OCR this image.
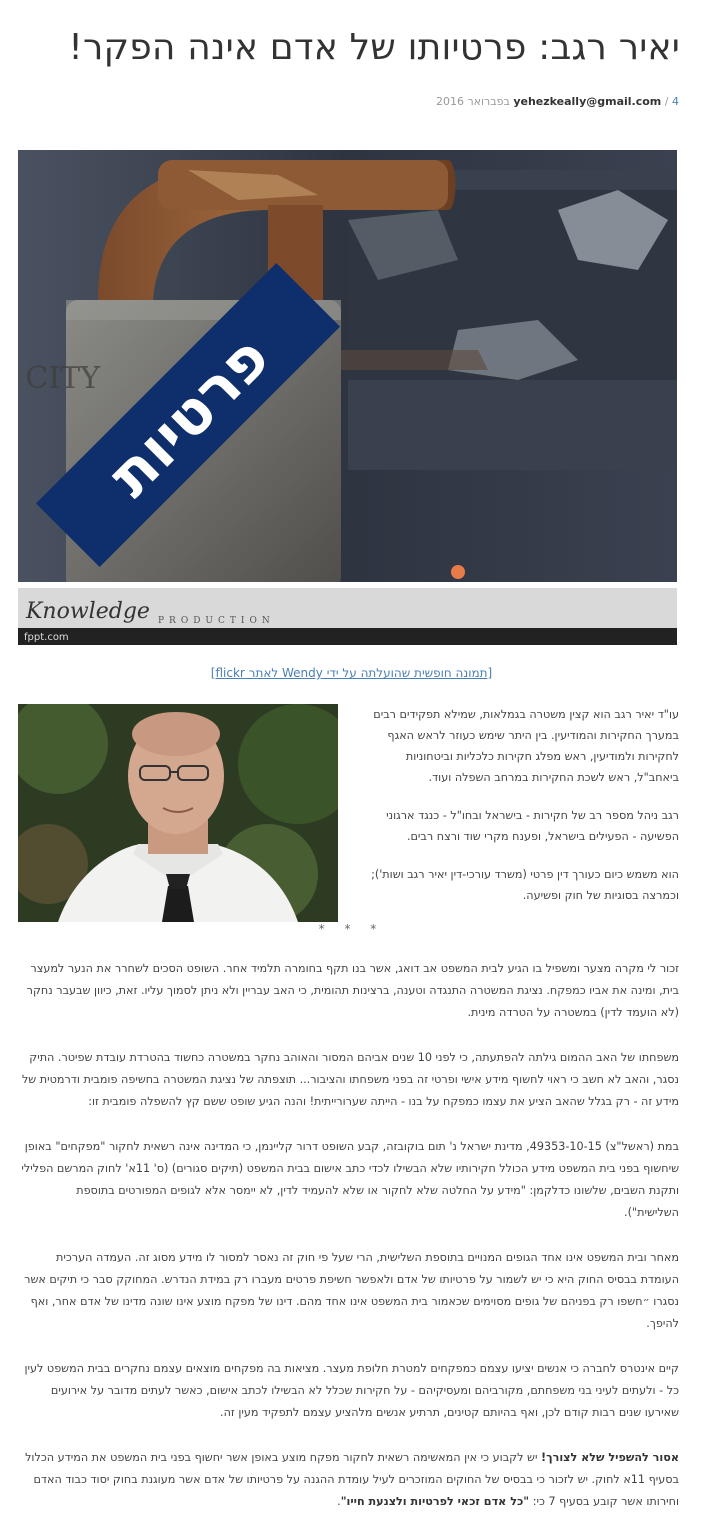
יאיר רגב: פרטיותו של אדם אינה הפקר!
4 / yehezkeally@gmail.com בפברואר 2016
CITY
פרטיות
Knowledge PRODUCTION
fppt.com
[תמונה חופשית שהועלתה על ידי Wendy לאתר flickr]

עו"ד יאיר רגב הוא קצין משטרה בגמלאות, שמילא תפקידים רבים במערך החקירות והמודיעין. בין היתר שימש כעוזר לראש האגף לחקירות ולמודיעין, ראש מפלג חקירות כלכליות וביטחוניות ביאחב"ל, ראש לשכת החקירות במרחב השפלה ועוד.

רגב ניהל מספר רב של חקירות - בישראל ובחו"ל - כנגד ארגוני הפשיעה - הפעילים בישראל, ופענח מקרי שוד ורצח רבים.

הוא משמש כיום כעורך דין פרטי (משרד עורכי-דין יאיר רגב ושות'); וכמרצה בסוגיות של חוק ופשיעה.

* * *

זכור לי מקרה מצער ומשפיל בו הגיע לבית המשפט אב דואג, אשר בנו תקף בחומרה תלמיד אחר. השופט הסכים לשחרר את הנער למעצר בית, ומינה את אביו כמפקח. נציגת המשטרה התנגדה וטענה, ברצינות תהומית, כי האב עבריין ולא ניתן לסמוך עליו. זאת, כיוון שבעבר נחקר (לא הועמד לדין) במשטרה על הטרדה מינית.

משפחתו של האב ההמום גילתה להפתעתה, כי לפני 10 שנים אביהם המסור והאוהב נחקר במשטרה כחשוד בהטרדת עובדת שפיטר. התיק נסגר, והאב לא חשב כי ראוי לחשוף מידע אישי ופרטי זה בפני משפחתו והציבור... תוצפתה של נציגת המשטרה בחשיפה פומבית ודרמטית של מידע זה - רק בגלל שהאב הציע את עצמו כמפקח על בנו - הייתה שערורייתית! והנה הגיע שופט ששם קץ להשפלה פומבית זו:

במת (ראשל"צ) 49353-10-15, מדינת ישראל נ' תום בוקובזה, קבע השופט דרור קליינמן, כי המדינה אינה רשאית לחקור "מפקחים" באופן שיחשוף בפני בית המשפט מידע הכולל חקירותיו שלא הבשילו לכדי כתב אישום בבית המשפט (תיקים סגורים) (ס' 11א' לחוק המרשם הפלילי ותקנת השבים, שלשונו כדלקמן: "מידע על החלטה שלא לחקור או שלא להעמיד לדין, לא יימסר אלא לגופים המפורטים בתוספת השלישית").

מאחר ובית המשפט אינו אחד הגופים המנויים בתוספת השלישית, הרי שעל פי חוק זה נאסר למסור לו מידע מסוג זה. העמדה הערכית העומדת בבסיס החוק היא כי יש לשמור על פרטיותו של אדם ולאפשר חשיפת פרטים מעברו רק במידת הנדרש. המחוקק סבר כי תיקים אשר נסגרו ״חשפו רק בפניהם של גופים מסוימים שכאמור בית המשפט אינו אחד מהם. דינו של מפקח מוצע אינו שונה מדינו של אדם אחר, ואף להיפך.

קיים אינטרס לחברה כי אנשים יציעו עצמם כמפקחים למטרת חלופת מעצר. מציאות בה מפקחים מוצאים עצמם נחקרים בבית המשפט לעין כל - ולעתים לעיני בני משפחתם, מקורביהם ומעסיקיהם - על חקירות שכלל לא הבשילו לכתב אישום, כאשר לעתים מדובר על אירועים שאירעו שנים רבות קודם לכן, ואף בהיותם קטינים, תרתיע אנשים מלהציע עצמם לתפקיד מעין זה.

אסור להשפיל שלא לצורך! יש לקבוע כי אין המאשימה רשאית לחקור מפקח מוצע באופן אשר יחשוף בפני בית המשפט את המידע הכלול בסעיף 11א לחוק. יש לזכור כי בבסיס של החוקים המוזכרים לעיל עומדת ההגנה על פרטיותו של אדם אשר מעוגנת בחוק יסוד כבוד האדם וחירותו אשר קובע בסעיף 7 כי: "כל אדם זכאי לפרטיות ולצנעת חייו".
